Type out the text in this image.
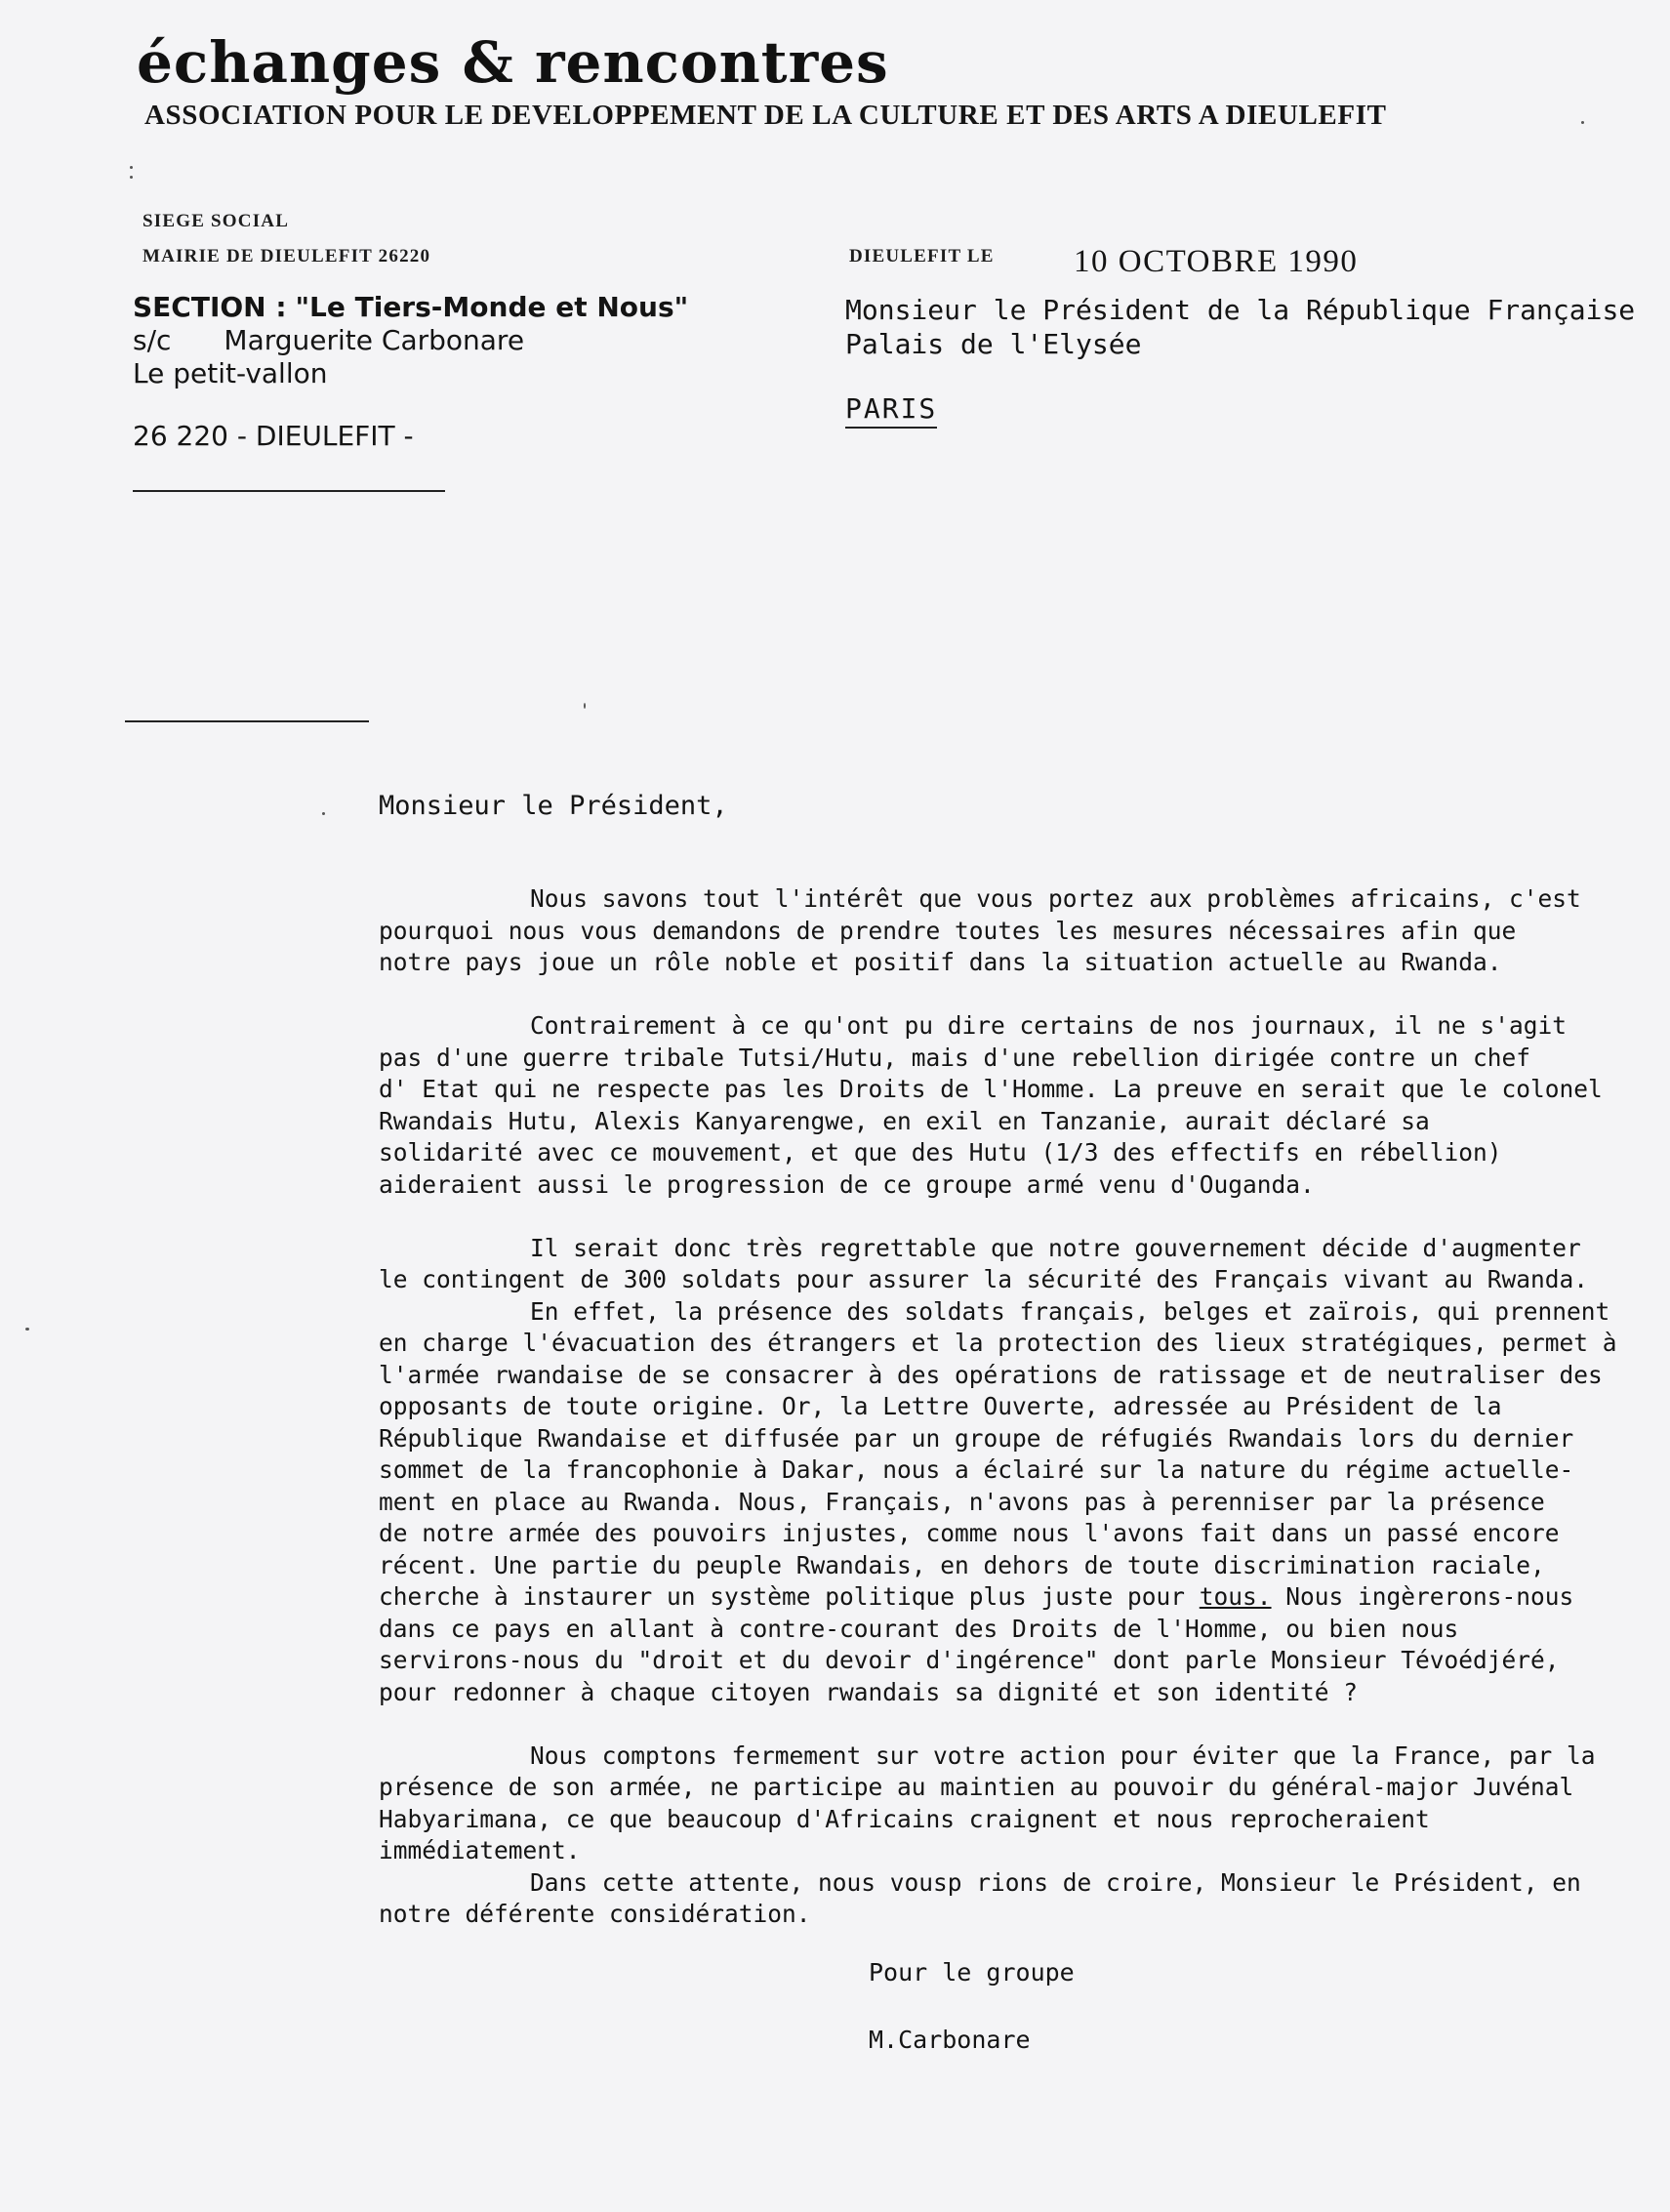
échanges & rencontres
ASSOCIATION POUR LE DEVELOPPEMENT DE LA CULTURE ET DES ARTS A DIEULEFIT
SIEGE SOCIAL
MAIRIE DE DIEULEFIT 26220	DIEULEFIT LE 10 OCTOBRE 1990
SECTION : "Le Tiers-Monde et Nous"
s/c Marguerite Carbonare
Le petit-vallon
26 220 - DIEULEFIT -
Monsieur le Président de la République Française
Palais de l'Elysée
PARIS
Monsieur le Président,
Nous savons tout l'intérêt que vous portez aux problèmes africains, c'est
pourquoi nous vous demandons de prendre toutes les mesures nécessaires afin que
notre pays joue un rôle noble et positif dans la situation actuelle au Rwanda.
Contrairement à ce qu'ont pu dire certains de nos journaux, il ne s'agit
pas d'une guerre tribale Tutsi/Hutu, mais d'une rebellion dirigée contre un chef
d' Etat qui ne respecte pas les Droits de l'Homme. La preuve en serait que le colonel
Rwandais Hutu, Alexis Kanyarengwe, en exil en Tanzanie, aurait déclaré sa
solidarité avec ce mouvement, et que des Hutu (1/3 des effectifs en rébellion)
aideraient aussi le progression de ce groupe armé venu d'Ouganda.
Il serait donc très regrettable que notre gouvernement décide d'augmenter
le contingent de 300 soldats pour assurer la sécurité des Français vivant au Rwanda.
En effet, la présence des soldats français, belges et zaïrois, qui prennent
en charge l'évacuation des étrangers et la protection des lieux stratégiques, permet à
l'armée rwandaise de se consacrer à des opérations de ratissage et de neutraliser des
opposants de toute origine. Or, la Lettre Ouverte, adressée au Président de la
République Rwandaise et diffusée par un groupe de réfugiés Rwandais lors du dernier
sommet de la francophonie à Dakar, nous a éclairé sur la nature du régime actuelle-
ment en place au Rwanda. Nous, Français, n'avons pas à perenniser par la présence
de notre armée des pouvoirs injustes, comme nous l'avons fait dans un passé encore
récent. Une partie du peuple Rwandais, en dehors de toute discrimination raciale,
cherche à instaurer un système politique plus juste pour tous. Nous ingèrerons-nous
dans ce pays en allant à contre-courant des Droits de l'Homme, ou bien nous
servirons-nous du "droit et du devoir d'ingérence" dont parle Monsieur Tévoédjéré,
pour redonner à chaque citoyen rwandais sa dignité et son identité ?
Nous comptons fermement sur votre action pour éviter que la France, par la
présence de son armée, ne participe au maintien au pouvoir du général-major Juvénal
Habyarimana, ce que beaucoup d'Africains craignent et nous reprocheraient
immédiatement.
Dans cette attente, nous vousp rions de croire, Monsieur le Président, en
notre déférente considération.
Pour le groupe
M.Carbonare
